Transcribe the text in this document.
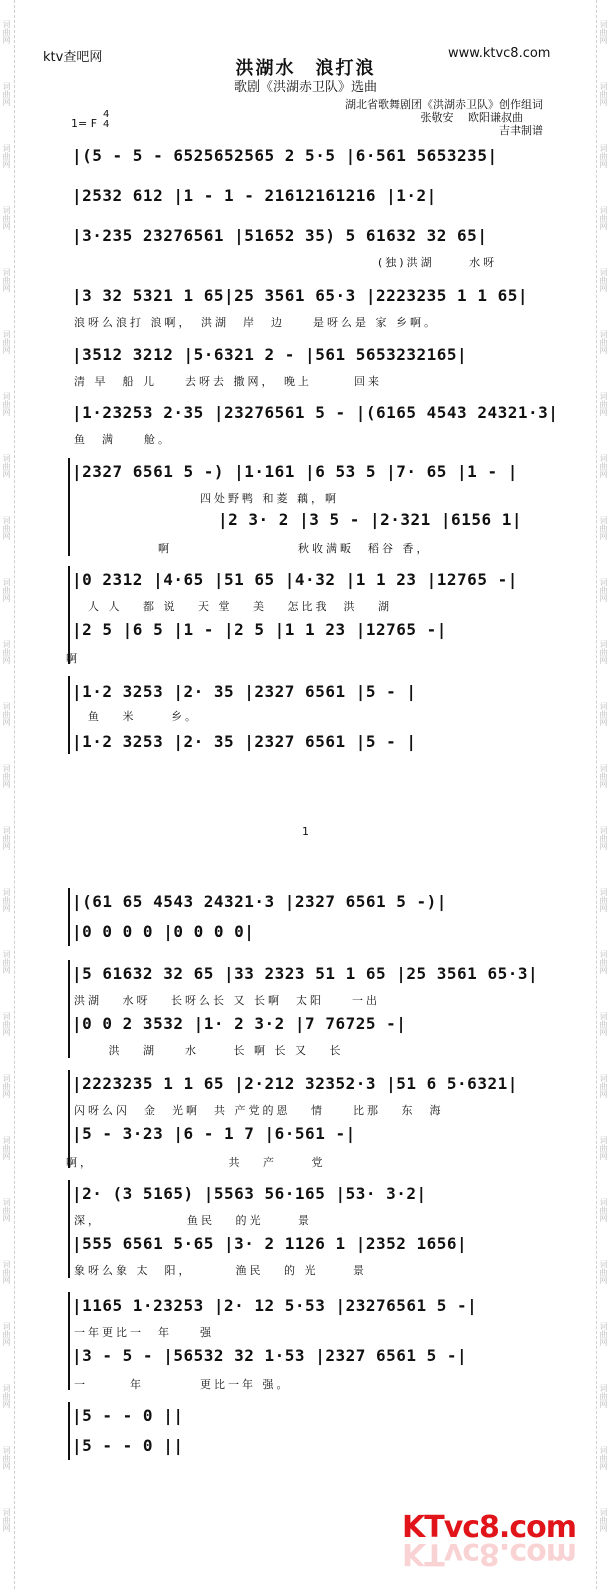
词曲网
词曲网
词曲网
词曲网
词曲网
词曲网
词曲网
词曲网
词曲网
词曲网
词曲网
词曲网
词曲网
词曲网
词曲网
词曲网
词曲网
词曲网
词曲网
词曲网
词曲网
词曲网
词曲网
词曲网
词曲网
词曲网
词曲网
词曲网
词曲网
词曲网
词曲网
词曲网
词曲网
词曲网
词曲网
词曲网
词曲网
词曲网
词曲网
词曲网
词曲网
词曲网
词曲网
词曲网
词曲网
词曲网
词曲网
词曲网
词曲网
词曲网
ktv查吧网	www.ktvc8.com
洪湖水　浪打浪
歌剧《洪湖赤卫队》选曲
湖北省歌舞剧团《洪湖赤卫队》创作组词
张敬安　 欧阳谦叔曲
吉聿制谱
1= F
4
4
|(5 - 5 - 6525652565 2 5·5 |6·561 5653235|
|2532 612 |1 - 1 - 21612161216 |1·2|
|3·235 23276561 |51652 35) 5 61632 32 65|
(独)洪湖　　 水呀
|3 32 5321 1 65|25 3561 65·3 |2223235 1 1 65|
浪呀么浪打 浪啊，　洪湖　岸　边　　是呀么是 家 乡啊。
|3512 3212 |5·6321 2 - |561 5653232165|
清 早　船 儿　　去呀去 撒网，　晚上　　　回来
|1·23253 2·35 |23276561 5 - |(6165 4543 24321·3|
鱼　满　　舱。
|2327 6561 5 -) |1·161 |6 53 5 |7· 65 |1 - |
　　　　　　　　　四处野鸭 和菱 藕，啊
|2 3· 2 |3 5 - |2·321 |6156 1|
　　　　　　啊　　　　　　　　　秋收满畈　稻谷 香，
|0 2312 |4·65 |51 65 |4·32 |1 1 23 |12765 -|
　人 人　 都 说　 天 堂　 美　 怎比我　洪　 湖
|2 5 |6 5 |1 - |2 5 |1 1 23 |12765 -|
啊
|1·2 3253 |2· 35 |2327 6561 |5 - |
　鱼　 米　　 乡。
|1·2 3253 |2· 35 |2327 6561 |5 - |
1
|(61 65 4543 24321·3 |2327 6561 5 -)|
|0 0 0 0 |0 0 0 0|
|5 61632 32 65 |33 2323 51 1 65 |25 3561 65·3|
洪湖　 水呀　 长呀么长 又 长啊　太阳　　一出
|0 0 2 3532 |1· 2 3·2 |7 76725 -|
　　 洪　 湖　　水　　 长 啊 长 又　 长
|2223235 1 1 65 |2·212 32352·3 |51 6 5·6321|
闪呀么闪　金　光啊　共 产党的恩　 情　　比那　 东　海
|5 - 3·23 |6 - 1 7 |6·561 -|
啊，　　　　　　　　　　共　 产　　 党
|2· (3 5165) |5563 56·165 |53· 3·2|
深，　　　　　　 鱼民　 的光　　 景
|555 6561 5·65 |3· 2 1126 1 |2352 1656|
象呀么象 太　阳，　　　 渔民　 的 光　　 景
|1165 1·23253 |2· 12 5·53 |23276561 5 -|
一年更比一　年　　强
|3 - 5 - |56532 32 1·53 |2327 6561 5 -|
一　　　年　　　　更比一年 强。
|5 - - 0 ||
|5 - - 0 ||
KTvc8.com
KTvc8.com
